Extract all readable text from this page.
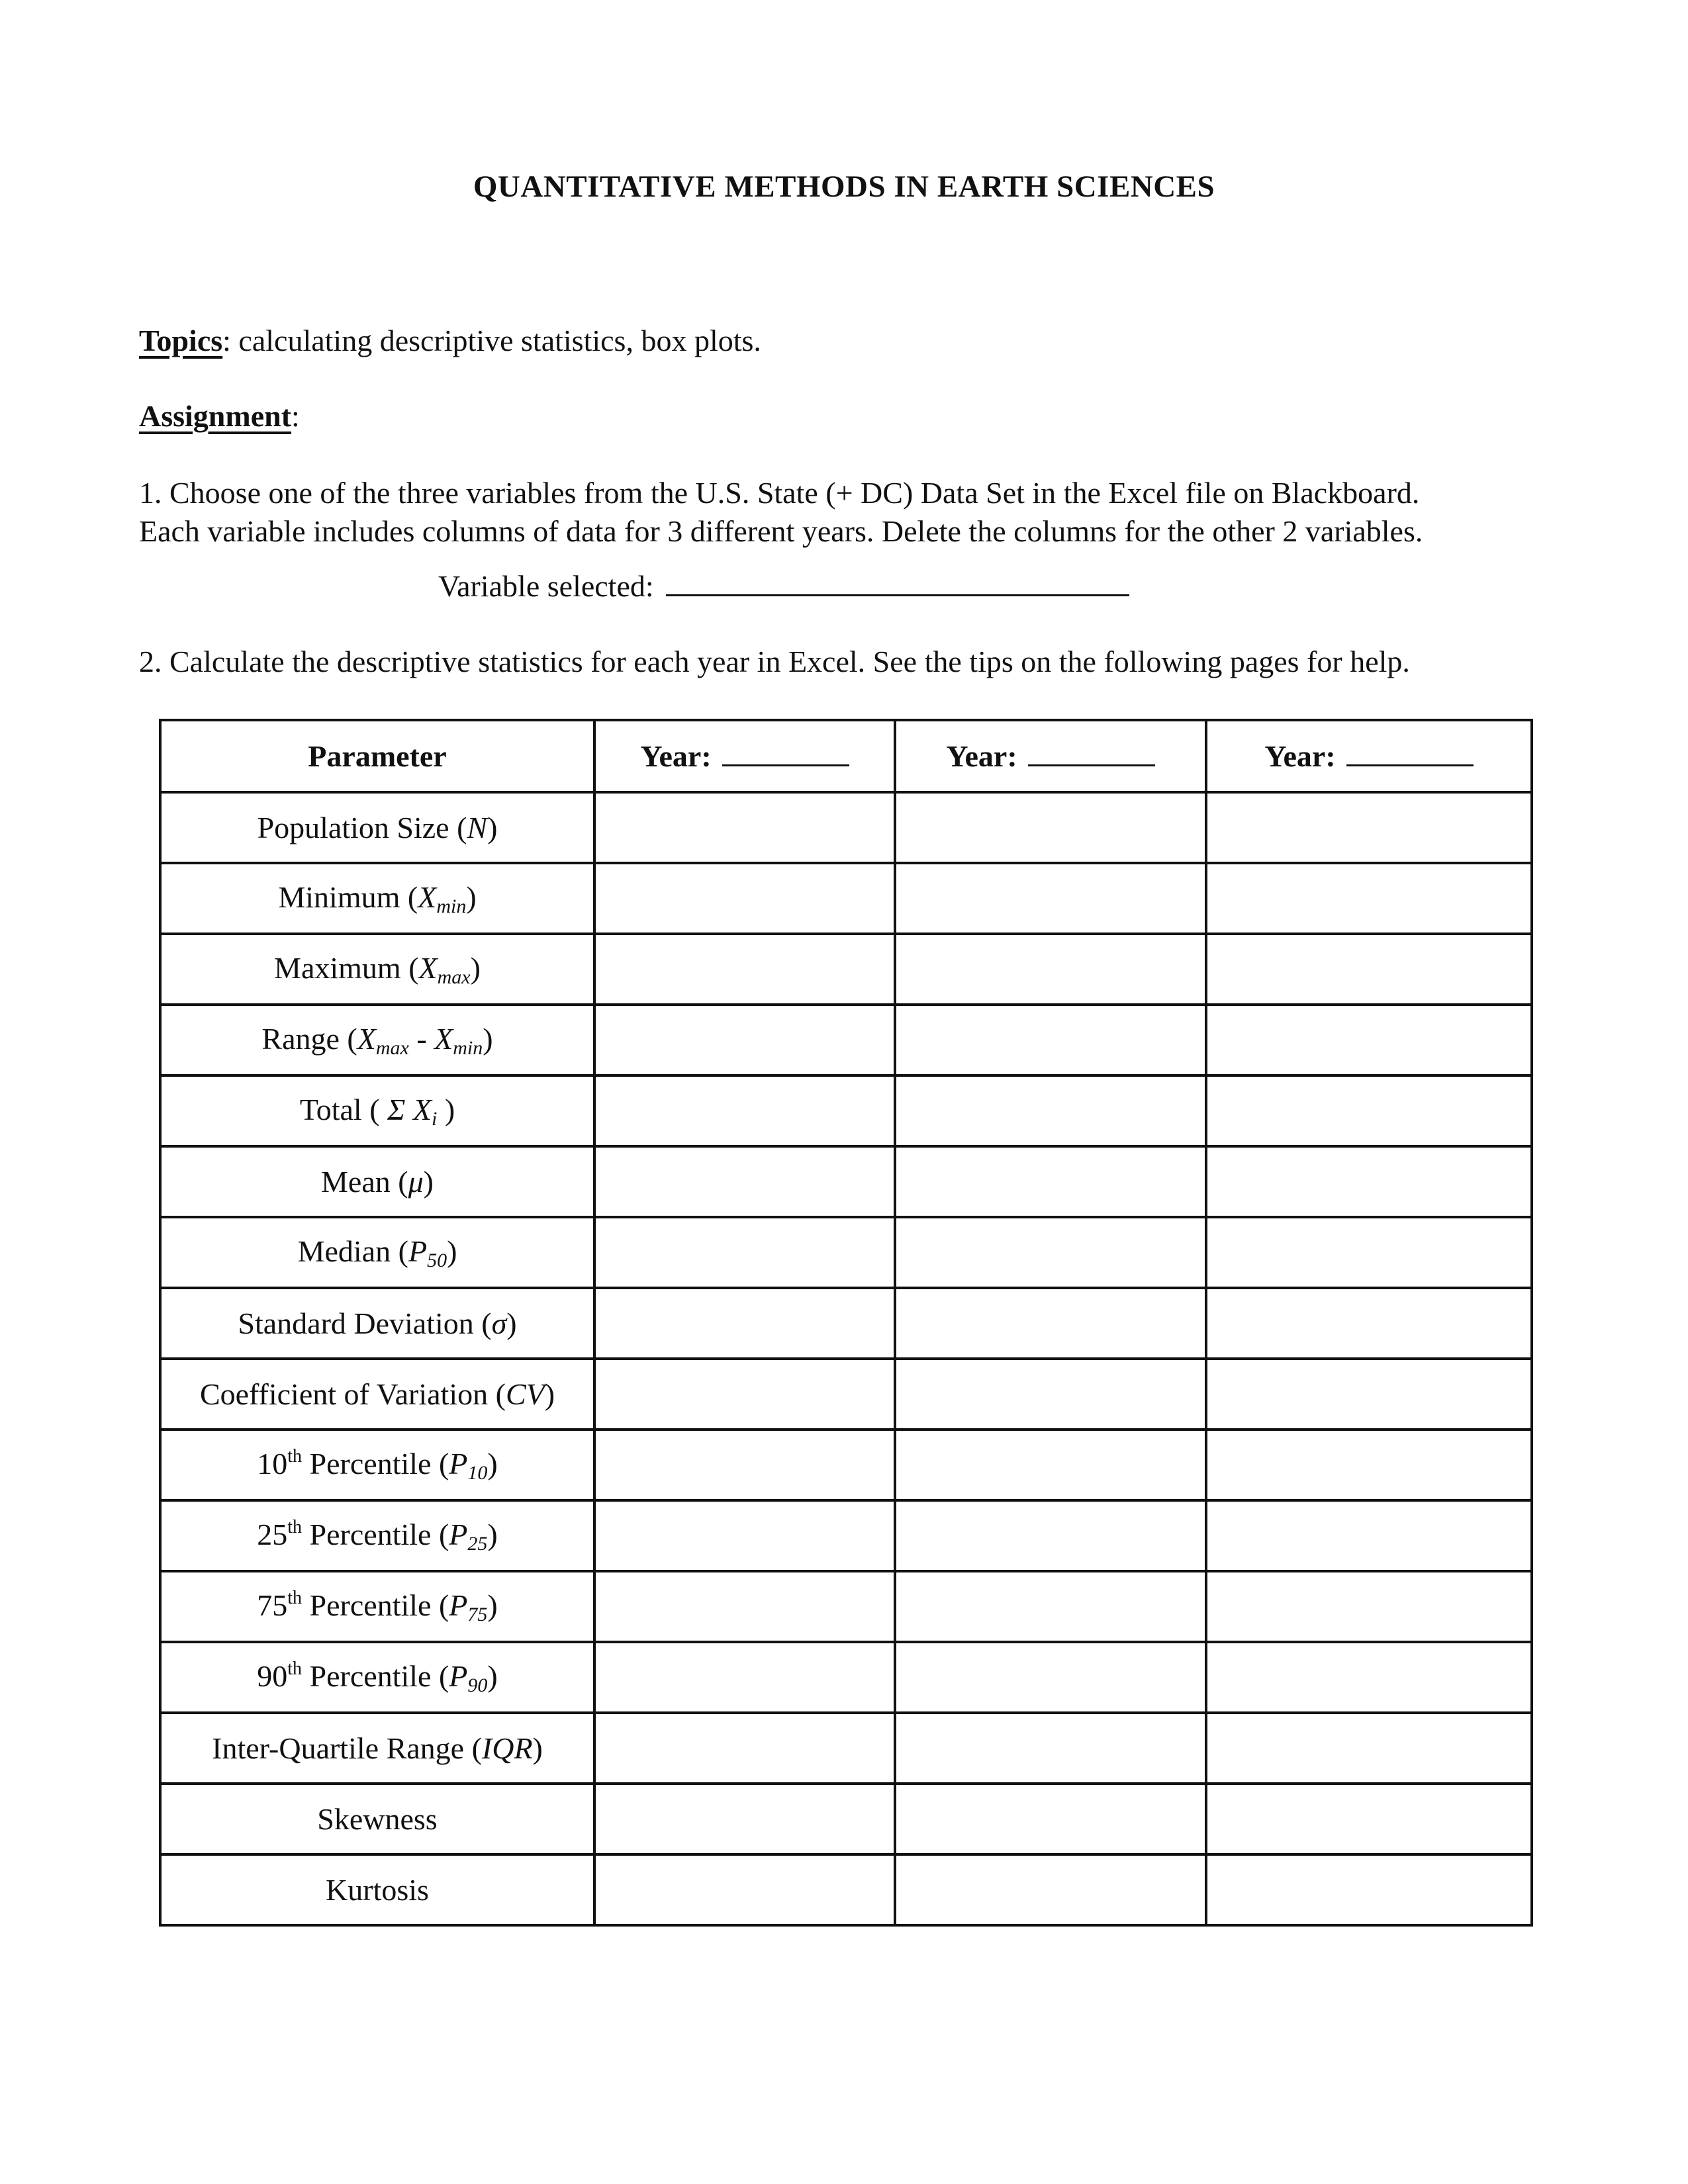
QUANTITATIVE METHODS IN EARTH SCIENCES
Topics: calculating descriptive statistics, box plots.
Assignment:
1. Choose one of the three variables from the U.S. State (+ DC) Data Set in the Excel file on Blackboard.
Each variable includes columns of data for 3 different years. Delete the columns for the other 2 variables.
Variable selected:
2. Calculate the descriptive statistics for each year in Excel. See the tips on the following pages for help.
Parameter	Year:	Year:	Year:
Population Size (N)			
Minimum $(X_{min})$			
Maximum $(X_{max})$			
Range $(X_{max} - X_{min})$			
Total ( Σ $X_i$ )			
Mean (μ)			
Median $(P_{50})$			
Standard Deviation (σ)			
Coefficient of Variation (CV)			
10th Percentile $(P_{10})$			
25th Percentile $(P_{25})$			
75th Percentile $(P_{75})$			
90th Percentile $(P_{90})$			
Inter-Quartile Range (IQR)			
Skewness			
Kurtosis			
